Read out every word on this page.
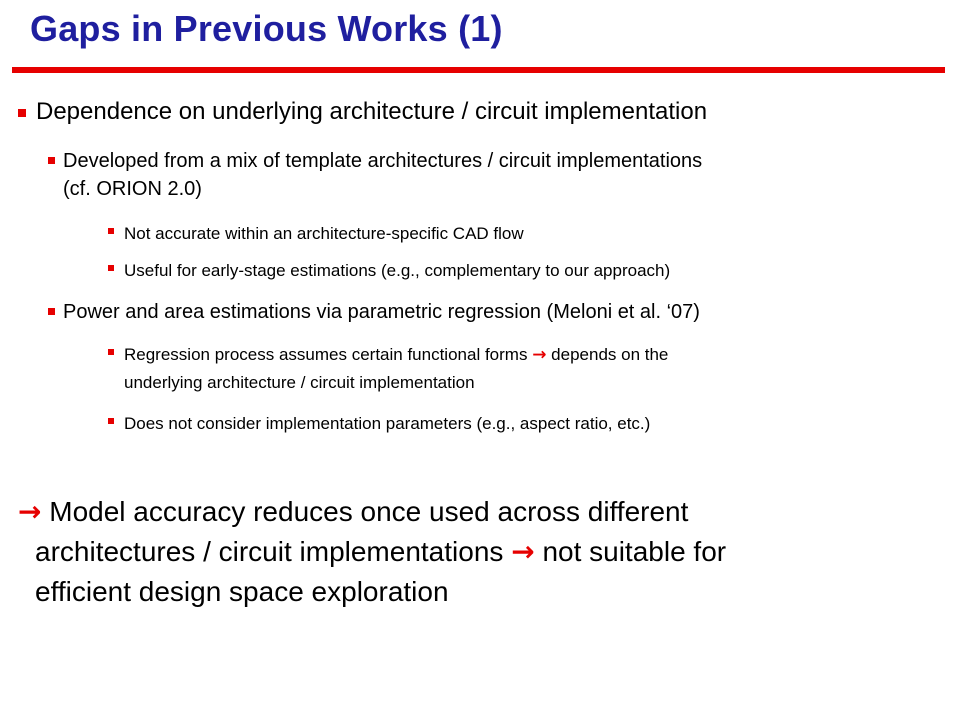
Gaps in Previous Works (1)
Dependence on underlying architecture / circuit implementation
Developed from a mix of template architectures / circuit implementations
(cf. ORION 2.0)
Not accurate within an architecture-specific CAD flow
Useful for early-stage estimations (e.g., complementary to our approach)
Power and area estimations via parametric regression (Meloni et al. ‘07)
Regression process assumes certain functional forms → depends on the
underlying architecture / circuit implementation
Does not consider implementation parameters (e.g., aspect ratio, etc.)
→ Model accuracy reduces once used across different
architectures / circuit implementations → not suitable for
efficient design space exploration
